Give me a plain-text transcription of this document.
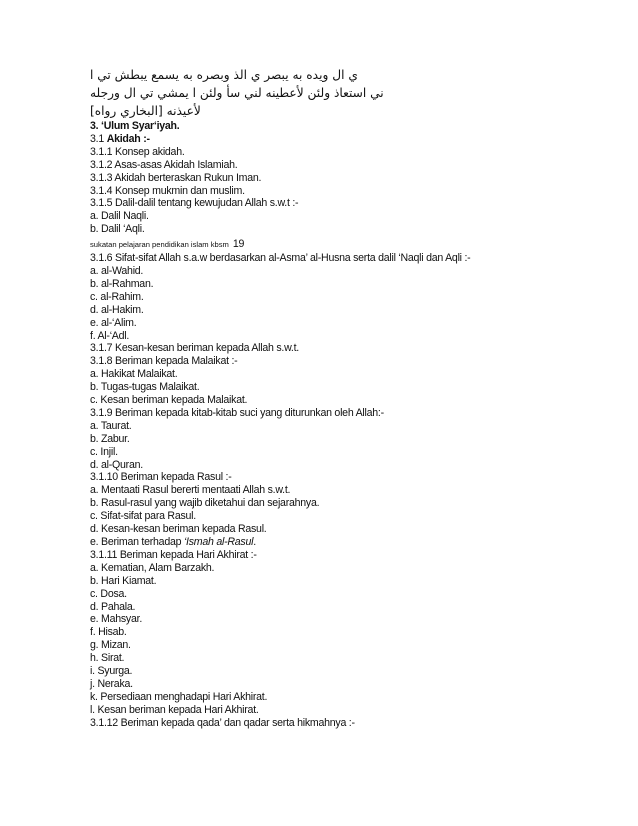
ي ال ويده به يبصر ي الذ وبصره به يسمع يبطش تي ا
ني استعاذ ولئن لأعطينه لني سأ ولئن ا يمشي تي ال ورجله
لأعيذنه [البخاري رواه]
3. ‘Ulum Syar‘iyah.
3.1 Akidah :-
3.1.1 Konsep akidah.
3.1.2 Asas-asas Akidah Islamiah.
3.1.3 Akidah berteraskan Rukun Iman.
3.1.4 Konsep mukmin dan muslim.
3.1.5 Dalil-dalil tentang kewujudan Allah s.w.t :-
a. Dalil Naqli.
b. Dalil ‘Aqli.
sukatan pelajaran pendidikan islam kbsm 19
3.1.6 Sifat-sifat Allah s.a.w berdasarkan al-Asma’ al-Husna serta dalil ‘Naqli dan Aqli :-
a. al-Wahid.
b. al-Rahman.
c. al-Rahim.
d. al-Hakim.
e. al-‘Alim.
f. Al-‘Adl.
3.1.7 Kesan-kesan beriman kepada Allah s.w.t.
3.1.8 Beriman kepada Malaikat :-
a. Hakikat Malaikat.
b. Tugas-tugas Malaikat.
c. Kesan beriman kepada Malaikat.
3.1.9 Beriman kepada kitab-kitab suci yang diturunkan oleh Allah:-
a. Taurat.
b. Zabur.
c. Injil.
d. al-Quran.
3.1.10 Beriman kepada Rasul :-
a. Mentaati Rasul bererti mentaati Allah s.w.t.
b. Rasul-rasul yang wajib diketahui dan sejarahnya.
c. Sifat-sifat para Rasul.
d. Kesan-kesan beriman kepada Rasul.
e. Beriman terhadap ‘Ismah al-Rasul.
3.1.11 Beriman kepada Hari Akhirat :-
a. Kematian, Alam Barzakh.
b. Hari Kiamat.
c. Dosa.
d. Pahala.
e. Mahsyar.
f. Hisab.
g. Mizan.
h. Sirat.
i. Syurga.
j. Neraka.
k. Persediaan menghadapi Hari Akhirat.
l. Kesan beriman kepada Hari Akhirat.
3.1.12 Beriman kepada qada’ dan qadar serta hikmahnya :-
